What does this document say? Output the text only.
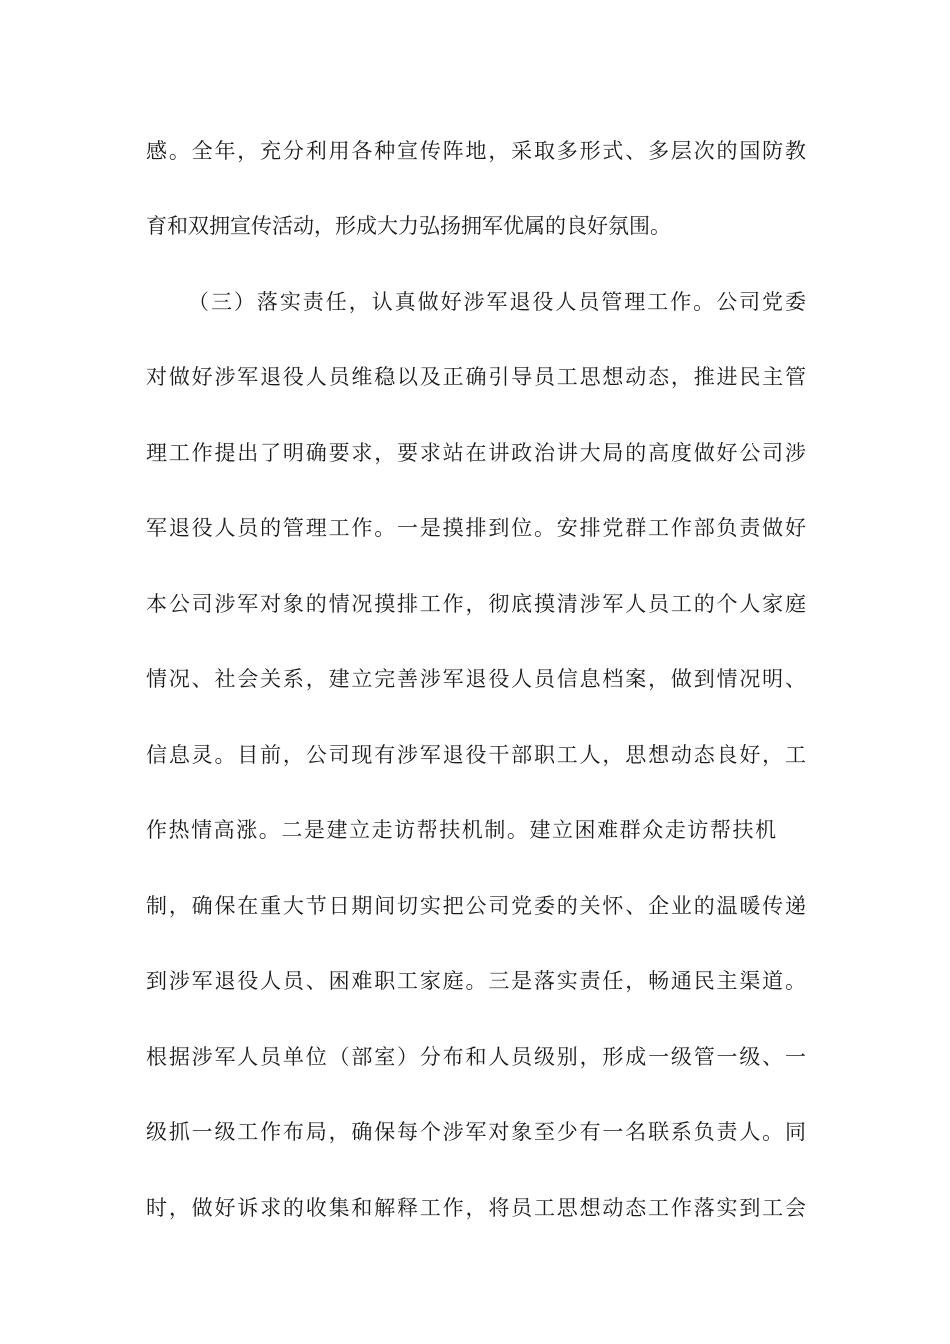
感。全年，充分利用各种宣传阵地，采取多形式、多层次的国防教
育和双拥宣传活动，形成大力弘扬拥军优属的良好氛围。
（三）落实责任，认真做好涉军退役人员管理工作。公司党委
对做好涉军退役人员维稳以及正确引导员工思想动态，推进民主管
理工作提出了明确要求，要求站在讲政治讲大局的高度做好公司涉
军退役人员的管理工作。一是摸排到位。安排党群工作部负责做好
本公司涉军对象的情况摸排工作，彻底摸清涉军人员工的个人家庭
情况、社会关系，建立完善涉军退役人员信息档案，做到情况明、
信息灵。目前，公司现有涉军退役干部职工人，思想动态良好，工
作热情高涨。二是建立走访帮扶机制。建立困难群众走访帮扶机
制，确保在重大节日期间切实把公司党委的关怀、企业的温暖传递
到涉军退役人员、困难职工家庭。三是落实责任，畅通民主渠道。
根据涉军人员单位（部室）分布和人员级别，形成一级管一级、一
级抓一级工作布局，确保每个涉军对象至少有一名联系负责人。同
时，做好诉求的收集和解释工作，将员工思想动态工作落实到工会
